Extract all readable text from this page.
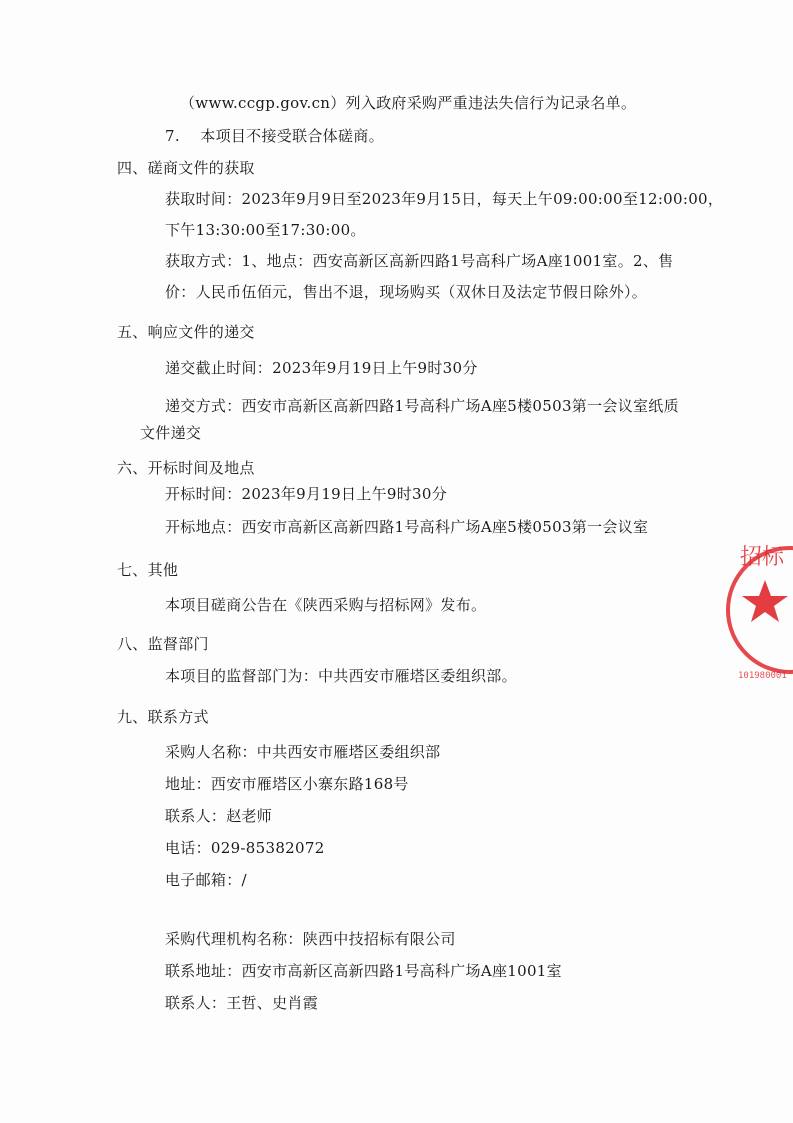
（www.ccgp.gov.cn）列入政府采购严重违法失信行为记录名单。
7.　 本项目不接受联合体磋商。
四、磋商文件的获取
获取时间：2023年9月9日至2023年9月15日，每天上午09:00:00至12:00:00，
下午13:30:00至17:30:00。
获取方式：1、地点：西安高新区高新四路1号高科广场A座1001室。2、售
价：人民币伍佰元，售出不退，现场购买（双休日及法定节假日除外）。
五、响应文件的递交
递交截止时间：2023年9月19日上午9时30分
递交方式：西安市高新区高新四路1号高科广场A座5楼0503第一会议室纸质
文件递交
六、开标时间及地点
开标时间：2023年9月19日上午9时30分
开标地点：西安市高新区高新四路1号高科广场A座5楼0503第一会议室
七、其他
本项目磋商公告在《陕西采购与招标网》发布。
八、监督部门
本项目的监督部门为：中共西安市雁塔区委组织部。
九、联系方式
采购人名称：中共西安市雁塔区委组织部
地址：西安市雁塔区小寨东路168号
联系人：赵老师
电话：029-85382072
电子邮箱：/
采购代理机构名称：陕西中技招标有限公司
联系地址：西安市高新区高新四路1号高科广场A座1001室
联系人：王哲、史肖霞
招标
101980001
